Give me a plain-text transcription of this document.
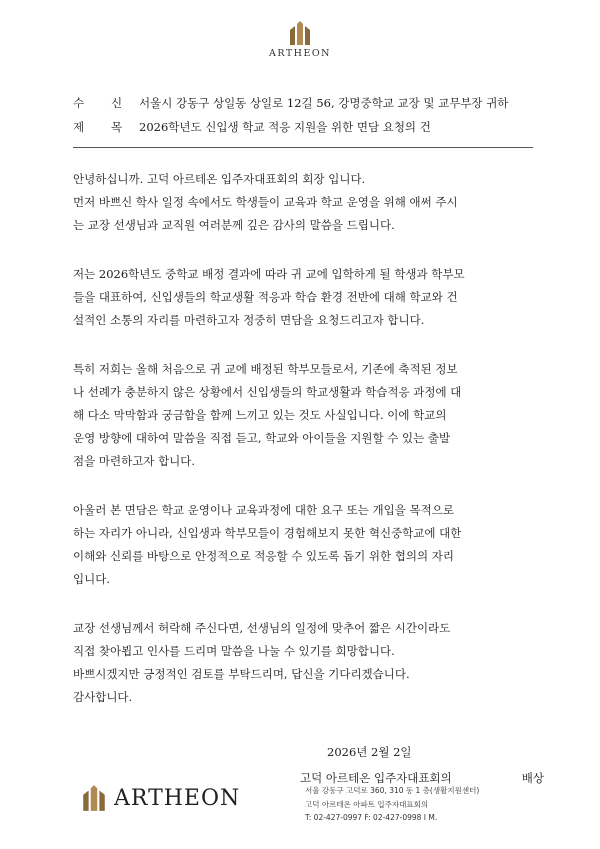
ARTHEON
수 신 서울시 강동구 상일동 상일로 12길 56, 강명중학교 교장 및 교무부장 귀하
제 목 2026학년도 신입생 학교 적응 지원을 위한 면담 요청의 건

안녕하십니까. 고덕 아르테온 입주자대표회의 회장 입니다.
먼저 바쁘신 학사 일정 속에서도 학생들이 교육과 학교 운영을 위해 애써 주시
는 교장 선생님과 교직원 여러분께 깊은 감사의 말씀을 드립니다.

저는 2026학년도 중학교 배정 결과에 따라 귀 교에 입학하게 될 학생과 학부모
들을 대표하여, 신입생들의 학교생활 적응과 학습 환경 전반에 대해 학교와 건
설적인 소통의 자리를 마련하고자 정중히 면담을 요청드리고자 합니다.

특히 저희는 올해 처음으로 귀 교에 배정된 학부모들로서, 기존에 축적된 정보
나 선례가 충분하지 않은 상황에서 신입생들의 학교생활과 학습적응 과정에 대
해 다소 막막함과 궁금함을 함께 느끼고 있는 것도 사실입니다. 이에 학교의
운영 방향에 대하여 말씀을 직접 듣고, 학교와 아이들을 지원할 수 있는 출발
점을 마련하고자 합니다.

아울러 본 면담은 학교 운영이나 교육과정에 대한 요구 또는 개입을 목적으로
하는 자리가 아니라, 신입생과 학부모들이 경험해보지 못한 혁신중학교에 대한
이해와 신뢰를 바탕으로 안정적으로 적응할 수 있도록 돕기 위한 협의의 자리
입니다.

교장 선생님께서 허락해 주신다면, 선생님의 일정에 맞추어 짧은 시간이라도
직접 찾아뵙고 인사를 드리며 말씀을 나눌 수 있기를 희망합니다.
바쁘시겠지만 긍정적인 검토를 부탁드리며, 답신을 기다리겠습니다.
감사합니다.

2026년 2월 2일
고덕 아르테온 입주자대표회의	배상
ARTHEON	서울 강동구 고덕로 360, 310 동 1 층(생활지원센터)
고덕 아르테온 아파트 입주자대표회의
T: 02-427-0997 F: 02-427-0998 I M.
